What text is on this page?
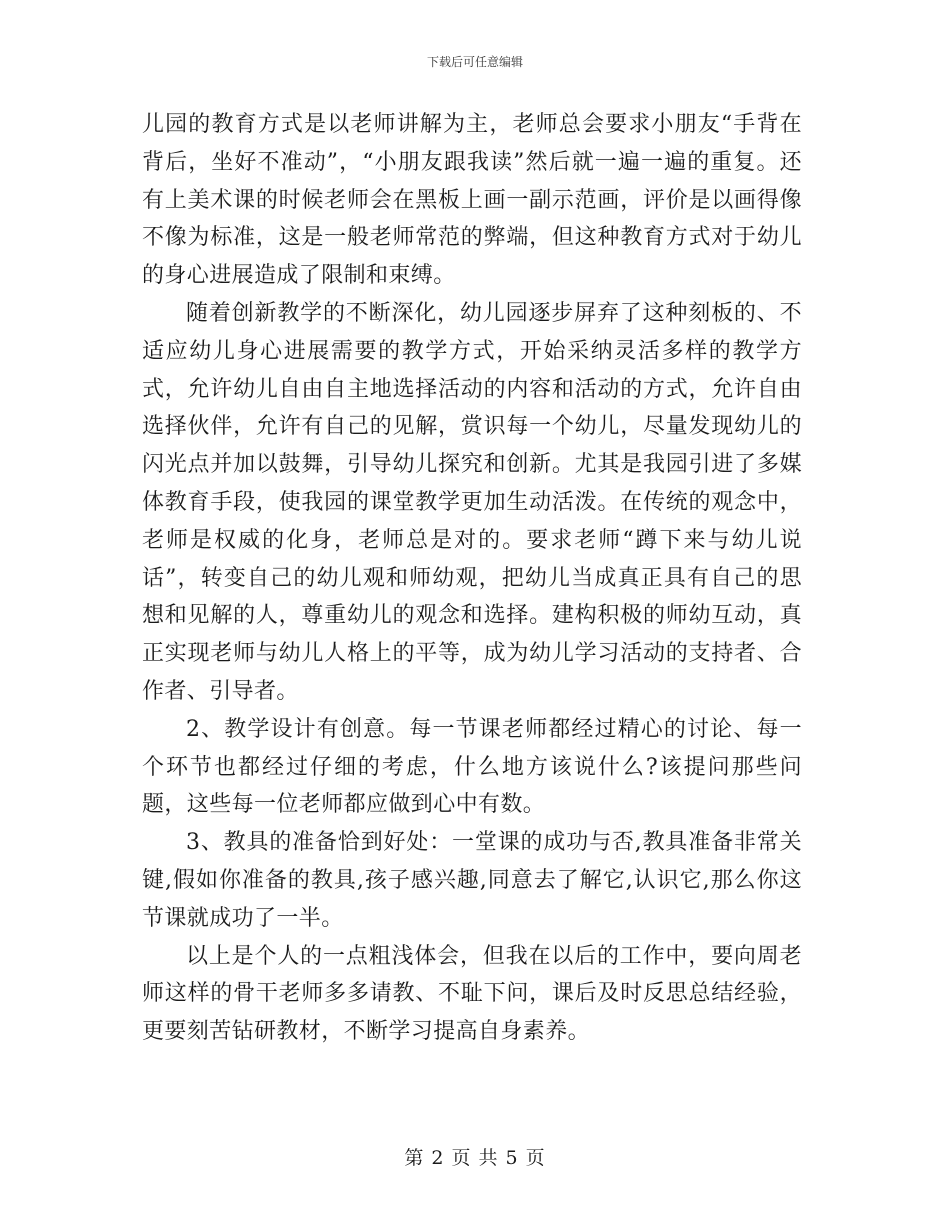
下载后可任意编辑

儿园的教育方式是以老师讲解为主，老师总会要求小朋友“手背在背后，坐好不准动”，“小朋友跟我读”然后就一遍一遍的重复。还有上美术课的时候老师会在黑板上画一副示范画，评价是以画得像不像为标准，这是一般老师常范的弊端，但这种教育方式对于幼儿的身心进展造成了限制和束缚。

随着创新教学的不断深化，幼儿园逐步屏弃了这种刻板的、不适应幼儿身心进展需要的教学方式，开始采纳灵活多样的教学方式，允许幼儿自由自主地选择活动的内容和活动的方式，允许自由选择伙伴，允许有自己的见解，赏识每一个幼儿，尽量发现幼儿的闪光点并加以鼓舞，引导幼儿探究和创新。尤其是我园引进了多媒体教育手段，使我园的课堂教学更加生动活泼。在传统的观念中，老师是权威的化身，老师总是对的。要求老师“蹲下来与幼儿说话”，转变自己的幼儿观和师幼观，把幼儿当成真正具有自己的思想和见解的人，尊重幼儿的观念和选择。建构积极的师幼互动，真正实现老师与幼儿人格上的平等，成为幼儿学习活动的支持者、合作者、引导者。

2、教学设计有创意。每一节课老师都经过精心的讨论、每一个环节也都经过仔细的考虑，什么地方该说什么?该提问那些问题，这些每一位老师都应做到心中有数。

3、教具的准备恰到好处：一堂课的成功与否,教具准备非常关键,假如你准备的教具,孩子感兴趣,同意去了解它,认识它,那么你这节课就成功了一半。

以上是个人的一点粗浅体会，但我在以后的工作中，要向周老师这样的骨干老师多多请教、不耻下问，课后及时反思总结经验，更要刻苦钻研教材，不断学习提高自身素养。

第 2 页 共 5 页
